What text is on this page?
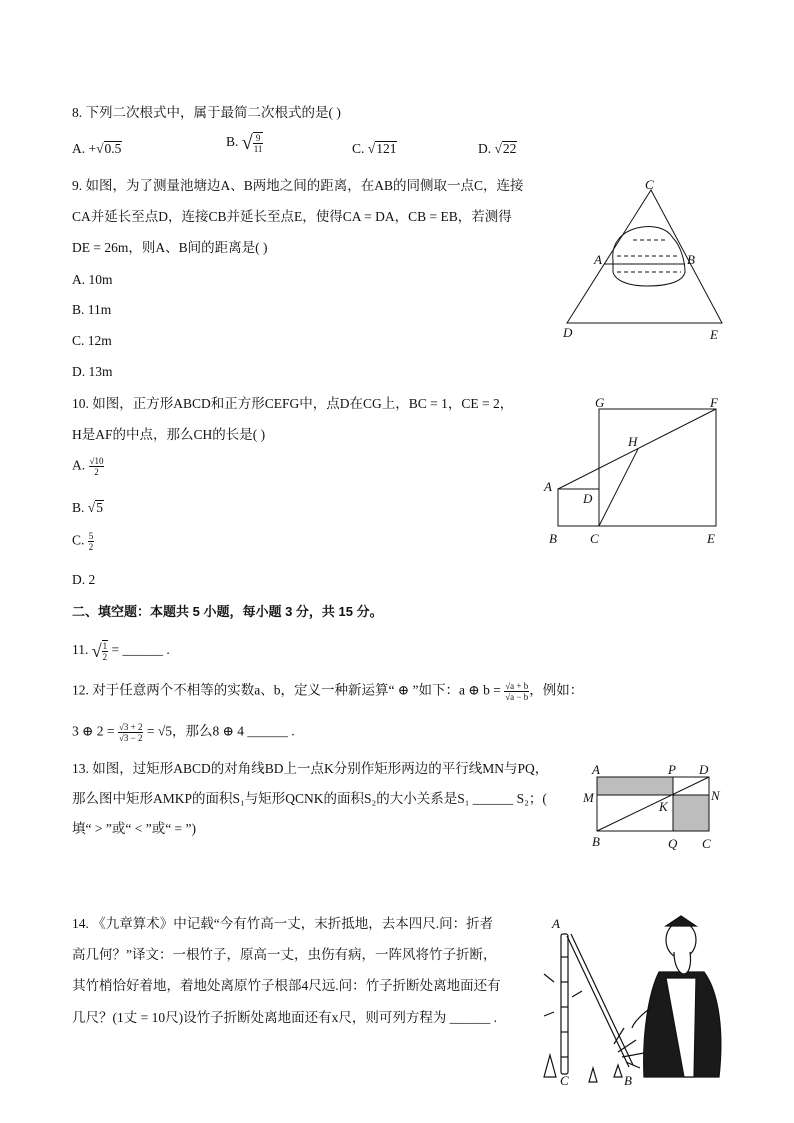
8. 下列二次根式中，属于最简二次根式的是( )
A. +√0.5	B. √ $\frac{9}{11}$	C. √121	D. √22
9. 如图，为了测量池塘边A、B两地之间的距离，在AB的同侧取一点C，连接
CA并延长至点D，连接CB并延长至点E，使得CA = DA，CB = EB，若测得
DE = 26m，则A、B间的距离是( )
A. 10m
B. 11m
C. 12m
D. 13m
C
A	B
D	E
10. 如图，正方形ABCD和正方形CEFG中，点D在CG上，BC = 1，CE = 2，
H是AF的中点，那么CH的长是( )
A. $\frac{√10}{2}$
B. √5
C. $\frac{5}{2}$
D. 2
G	F
H
A
D
B	C	E
二、填空题：本题共 5 小题，每小题 3 分，共 15 分。
11. √ $\frac{1}{2}$ = ______ .
12. 对于任意两个不相等的实数a、b，定义一种新运算“ ⊕ ”如下：a ⊕ $b = \frac{√a + b}{√a - b}$ ，例如：
3 ⊕ $2 = \frac{√3 + 2}{√3 - 2} = √5$，那么8 ⊕ 4 ______ .
13. 如图，过矩形ABCD的对角线BD上一点K分别作矩形两边的平行线MN与PQ，
那么图中矩形AMKP的面积S₁与矩形QCNK的面积S₂的大小关系是S₁ ______ S₂；(
填“ > ”或“ < ”或“ = ”)
A	P D
M	N
K
B	Q C
14. 《九章算术》中记载“今有竹高一丈，末折抵地，去本四尺.问：折者
高几何？”译文：一根竹子，原高一丈，虫伤有病，一阵风将竹子折断，
其竹梢恰好着地，着地处离原竹子根部4尺远.问：竹子折断处离地面还有
几尺？(1丈 = 10尺)设竹子折断处离地面还有x尺，则可列方程为 ______ .
A
C	B
